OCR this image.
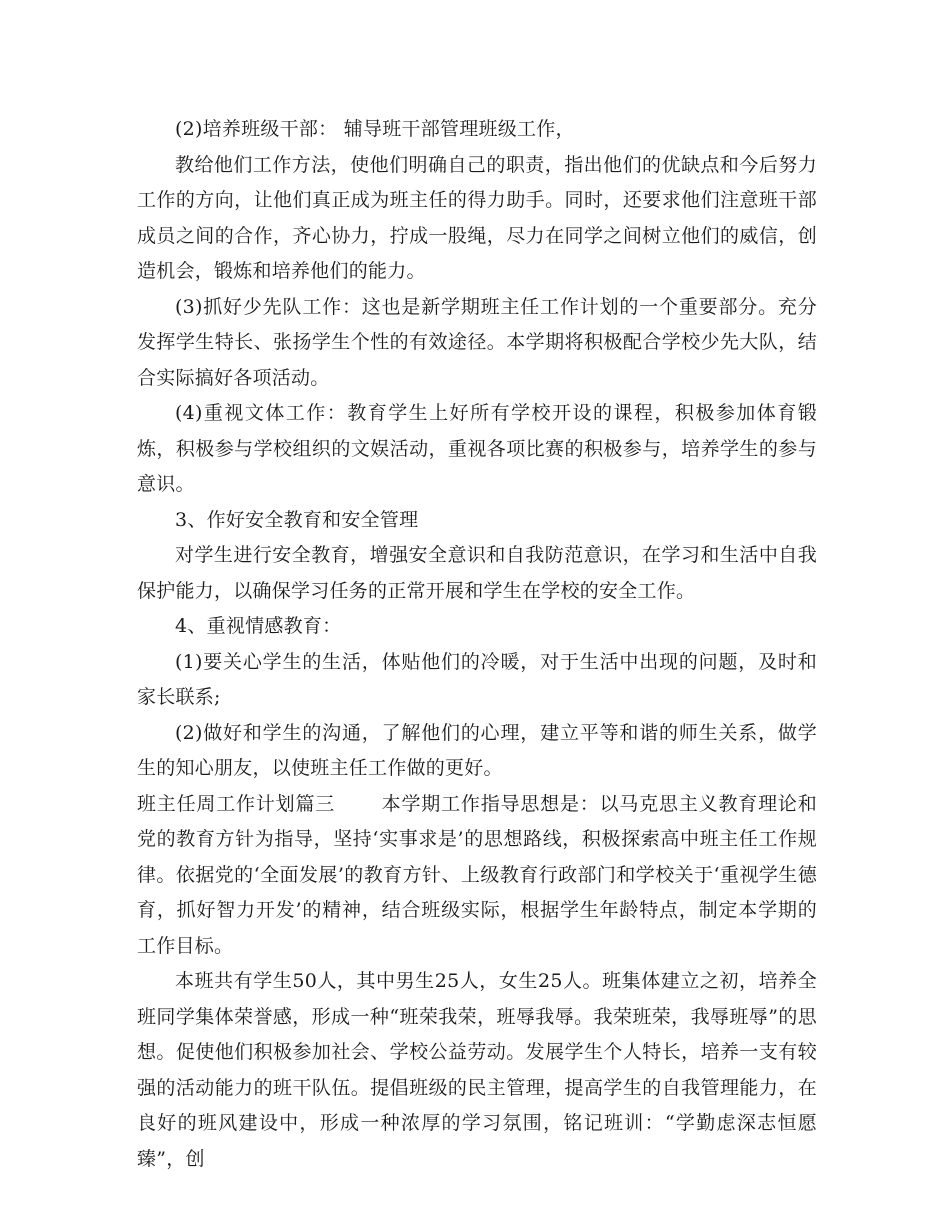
(2)培养班级干部： 辅导班干部管理班级工作，

教给他们工作方法，使他们明确自己的职责，指出他们的优缺点和今后努力工作的方向，让他们真正成为班主任的得力助手。同时，还要求他们注意班干部成员之间的合作，齐心协力，拧成一股绳，尽力在同学之间树立他们的威信，创造机会，锻炼和培养他们的能力。

(3)抓好少先队工作：这也是新学期班主任工作计划的一个重要部分。充分发挥学生特长、张扬学生个性的有效途径。本学期将积极配合学校少先大队，结合实际搞好各项活动。

(4)重视文体工作：教育学生上好所有学校开设的课程，积极参加体育锻炼，积极参与学校组织的文娱活动，重视各项比赛的积极参与，培养学生的参与意识。

3、作好安全教育和安全管理

对学生进行安全教育，增强安全意识和自我防范意识，在学习和生活中自我保护能力，以确保学习任务的正常开展和学生在学校的安全工作。

4、重视情感教育：

(1)要关心学生的生活，体贴他们的冷暖，对于生活中出现的问题，及时和家长联系;

(2)做好和学生的沟通，了解他们的心理，建立平等和谐的师生关系，做学生的知心朋友，以使班主任工作做的更好。

班主任周工作计划篇三 本学期工作指导思想是：以马克思主义教育理论和党的教育方针为指导，坚持‘实事求是’的思想路线，积极探索高中班主任工作规律。依据党的‘全面发展’的教育方针、上级教育行政部门和学校关于‘重视学生德育，抓好智力开发’的精神，结合班级实际，根据学生年龄特点，制定本学期的工作目标。

本班共有学生50人，其中男生25人，女生25人。班集体建立之初，培养全班同学集体荣誉感，形成一种“班荣我荣，班辱我辱。我荣班荣，我辱班辱”的思想。促使他们积极参加社会、学校公益劳动。发展学生个人特长，培养一支有较强的活动能力的班干队伍。提倡班级的民主管理，提高学生的自我管理能力，在良好的班风建设中，形成一种浓厚的学习氛围，铭记班训：“学勤虑深志恒愿臻”，创
